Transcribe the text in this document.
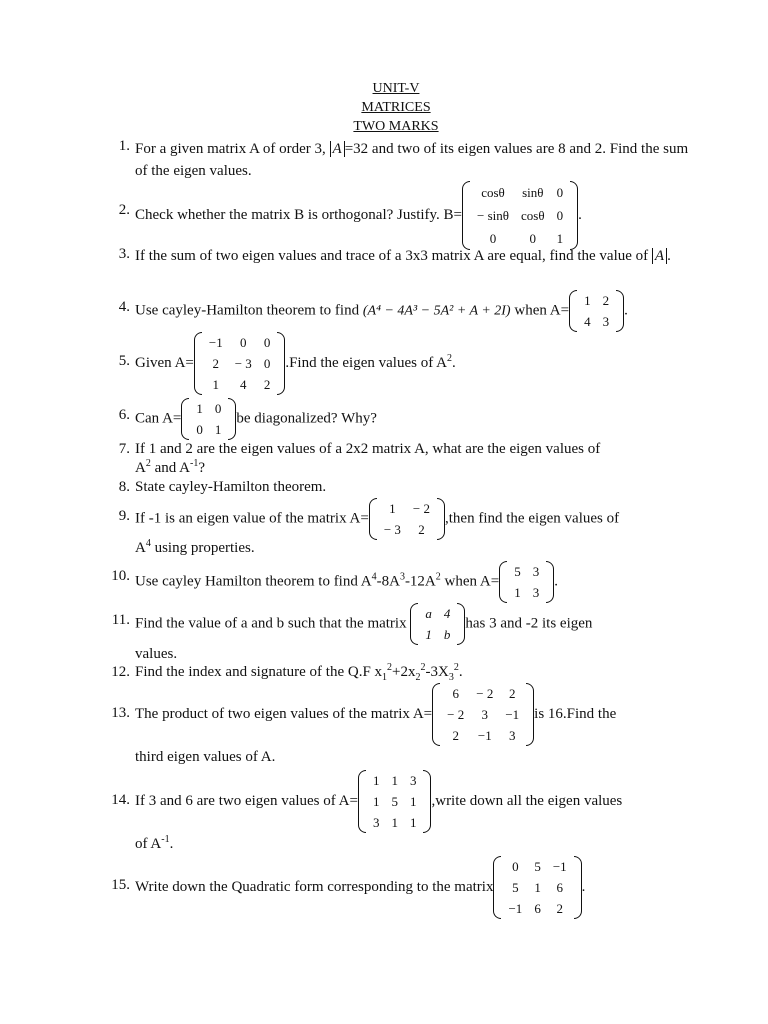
UNIT-V
MATRICES
TWO MARKS
1. For a given matrix A of order 3, A =32 and two of its eigen values are 8 and 2. Find the sum of the eigen values.
2. Check whether the matrix B is orthogonal? Justify. B=
cosθ	sinθ	0
− sinθ	cosθ	0
0	0	1
.
3. If the sum of two eigen values and trace of a 3x3 matrix A are equal, find the value of A .
4. Use cayley-Hamilton theorem to find (A⁴ − 4A³ − 5A² + A + 2I) when A=
1	2
4	3
.
5. Given A=
−1	0	0
2	− 3	0
1	4	2
.Find the eigen values of $A^2$.
6. Can A=
1	0
0	1
be diagonalized? Why?
7. If 1 and 2 are the eigen values of a 2x2 matrix A, what are the eigen values of
$A^2$ and $A^{-1}$?
8. State cayley-Hamilton theorem.
9. If -1 is an eigen value of the matrix A=
1	− 2
− 3	2
,then find the eigen values of
$A^4$ using properties.
10. Use cayley Hamilton theorem to find $A^4-8A^3-12A^2$ when A=
5	3
1	3
.
11. Find the value of a and b such that the matrix
a	4
1	b
has 3 and -2 its eigen
values.
12. Find the index and signature of the Q.F $x_1^2+2x_2^2-3X_3^2$.
13. The product of two eigen values of the matrix A=
6	− 2	2
− 2	3	−1
2	−1	3
is 16.Find the
third eigen values of A.
14. If 3 and 6 are two eigen values of A=
1	1	3
1	5	1
3	1	1
,write down all the eigen values
of $A^{-1}$.
15. Write down the Quadratic form corresponding to the matrix
0	5	−1
5	1	6
−1	6	2
.
